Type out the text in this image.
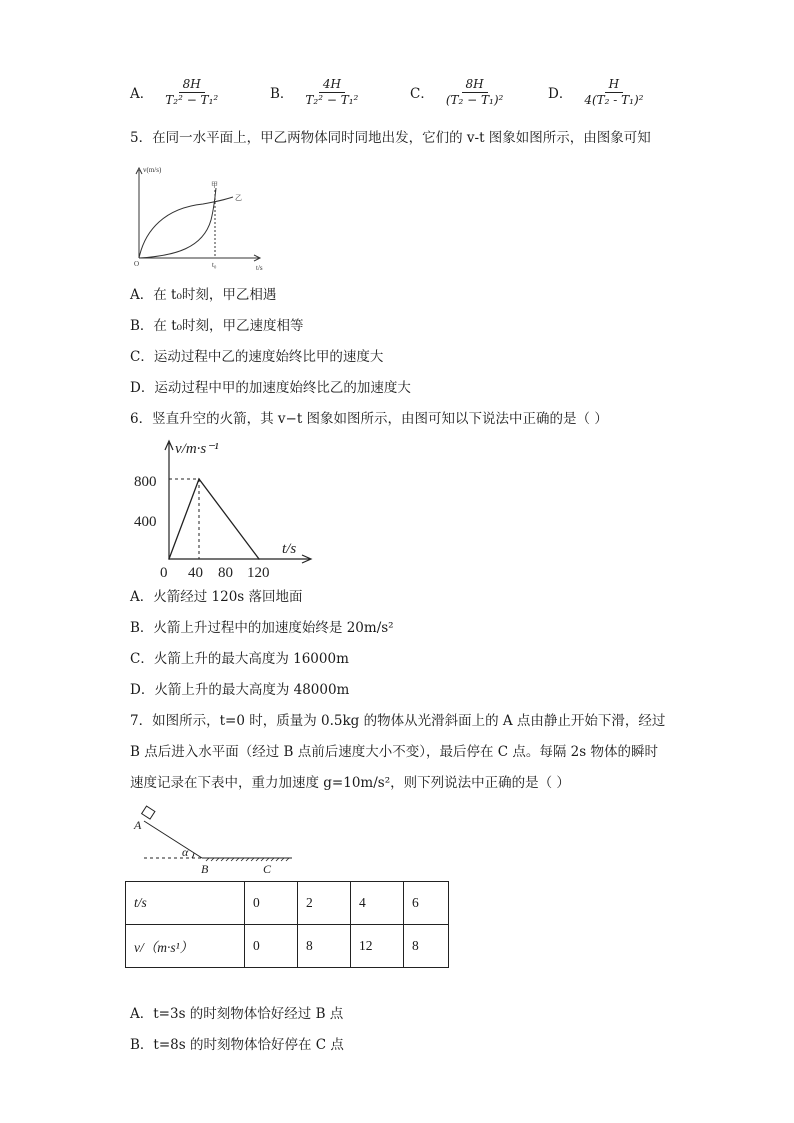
A． $\frac{8H}{\text{T₂² − T₁²}}$	B． $\frac{4H}{\text{T₂² − T₁²}}$	C． $\frac{8H}{\text{(T₂ − T₁)²}}$	D． $\frac{H}{\text{4(T₂ - T₁)²}}$
5．在同一水平面上，甲乙两物体同时同地出发，它们的 v-t 图象如图所示，由图象可知
v(m/s)
t/s
O	t₀
甲
乙
A．在 t₀时刻，甲乙相遇
B．在 t₀时刻，甲乙速度相等
C．运动过程中乙的速度始终比甲的速度大
D．运动过程中甲的加速度始终比乙的加速度大
6．竖直升空的火箭，其 v−t 图象如图所示，由图可知以下说法中正确的是（ ）
v/m·s⁻¹
t/s
800
400
0 40 80 120
A．火箭经过 120s 落回地面
B．火箭上升过程中的加速度始终是 20m/s²
C．火箭上升的最大高度为 16000m
D．火箭上升的最大高度为 48000m
7．如图所示，t=0 时，质量为 0.5kg 的物体从光滑斜面上的 A 点由静止开始下滑，经过
B 点后进入水平面（经过 B 点前后速度大小不变），最后停在 C 点。每隔 2s 物体的瞬时
速度记录在下表中，重力加速度 g=10m/s²，则下列说法中正确的是（ ）
A
α
B	C
t/s	0	2	4	6
v/（m·s¹）	0	8	12	8
A．t=3s 的时刻物体恰好经过 B 点
B．t=8s 的时刻物体恰好停在 C 点
